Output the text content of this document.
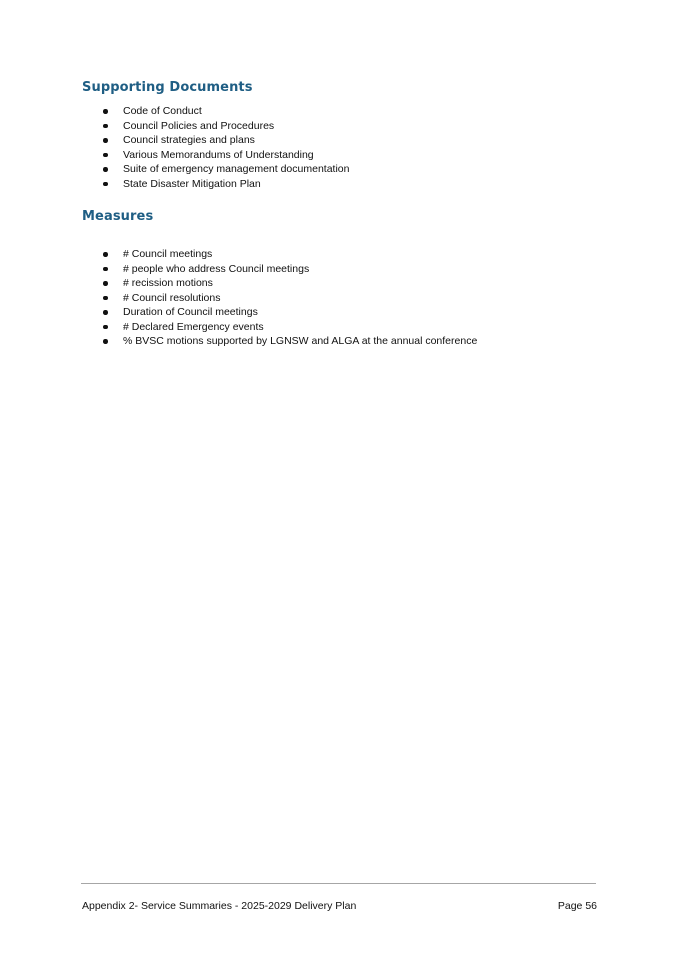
Supporting Documents
Code of Conduct
Council Policies and Procedures
Council strategies and plans
Various Memorandums of Understanding
Suite of emergency management documentation
State Disaster Mitigation Plan
Measures
# Council meetings
# people who address Council meetings
# recission motions
# Council resolutions
Duration of Council meetings
# Declared Emergency events
% BVSC motions supported by LGNSW and ALGA at the annual conference
Appendix 2- Service Summaries - 2025-2029 Delivery Plan	Page 56
